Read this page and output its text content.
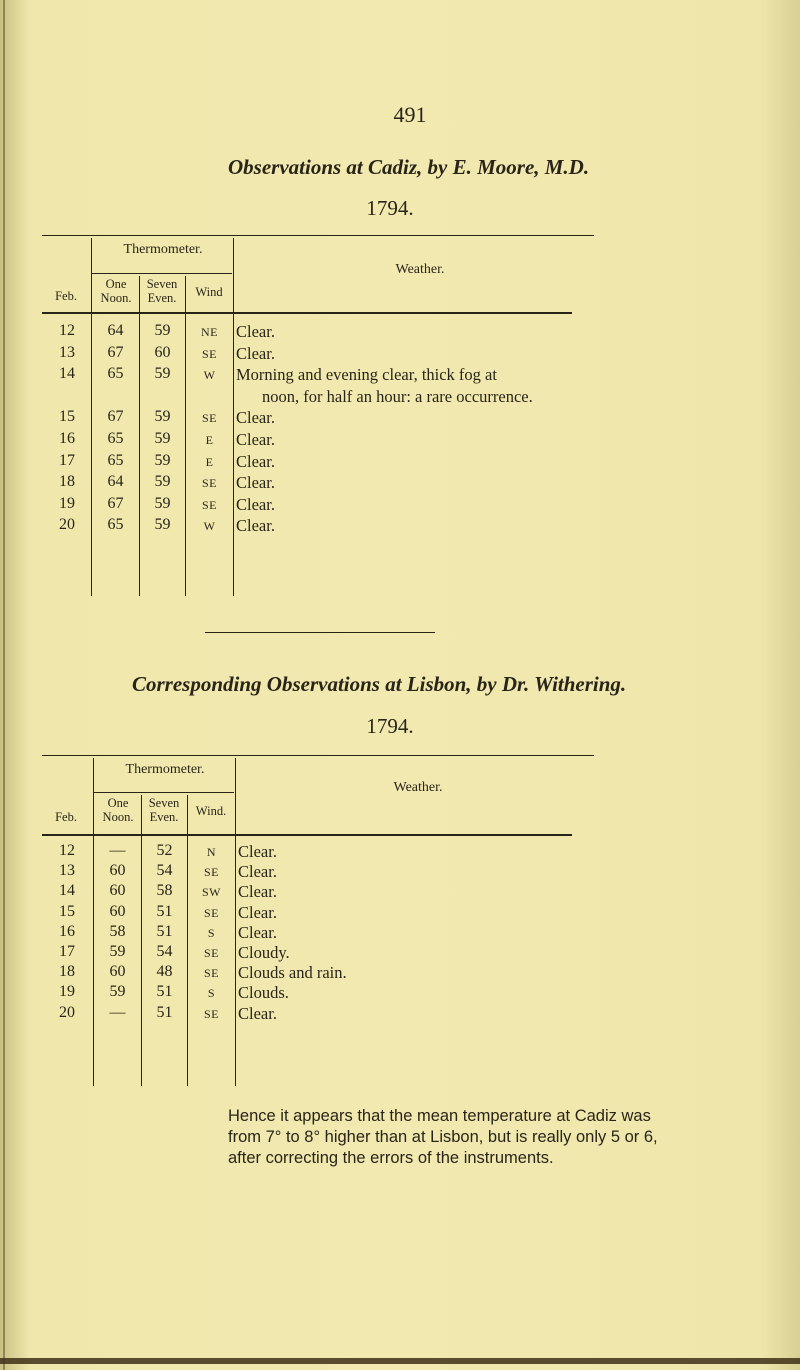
491
Observations at Cadiz, by E. Moore, M.D.
1794.
Thermometer.
One
Noon.
Seven
Even.	Wind
Feb.
Weather.
12	64	59	NE	Clear.
13	67	60	SE	Clear.
14	65	59	W	Morning and evening clear, thick fog at
noon, for half an hour: a rare occurrence.
15	67	59	SE	Clear.
16	65	59	E	Clear.
17	65	59	E	Clear.
18	64	59	SE	Clear.
19	67	59	SE	Clear.
20	65	59	W	Clear.
Corresponding Observations at Lisbon, by Dr. Withering.
1794.
Thermometer.
One
Noon.
Seven
Even.	Wind.
Feb.
Weather.
12	—	52	N	Clear.
13	60	54	SE	Clear.
14	60	58	SW	Clear.
15	60	51	SE	Clear.
16	58	51	S	Clear.
17	59	54	SE	Cloudy.
18	60	48	SE	Clouds and rain.
19	59	51	S	Clouds.
20	—	51	SE	Clear.
Hence it appears that the mean temperature at Cadiz was
from 7° to 8° higher than at Lisbon, but is really only 5 or 6,
after correcting the errors of the instruments.
